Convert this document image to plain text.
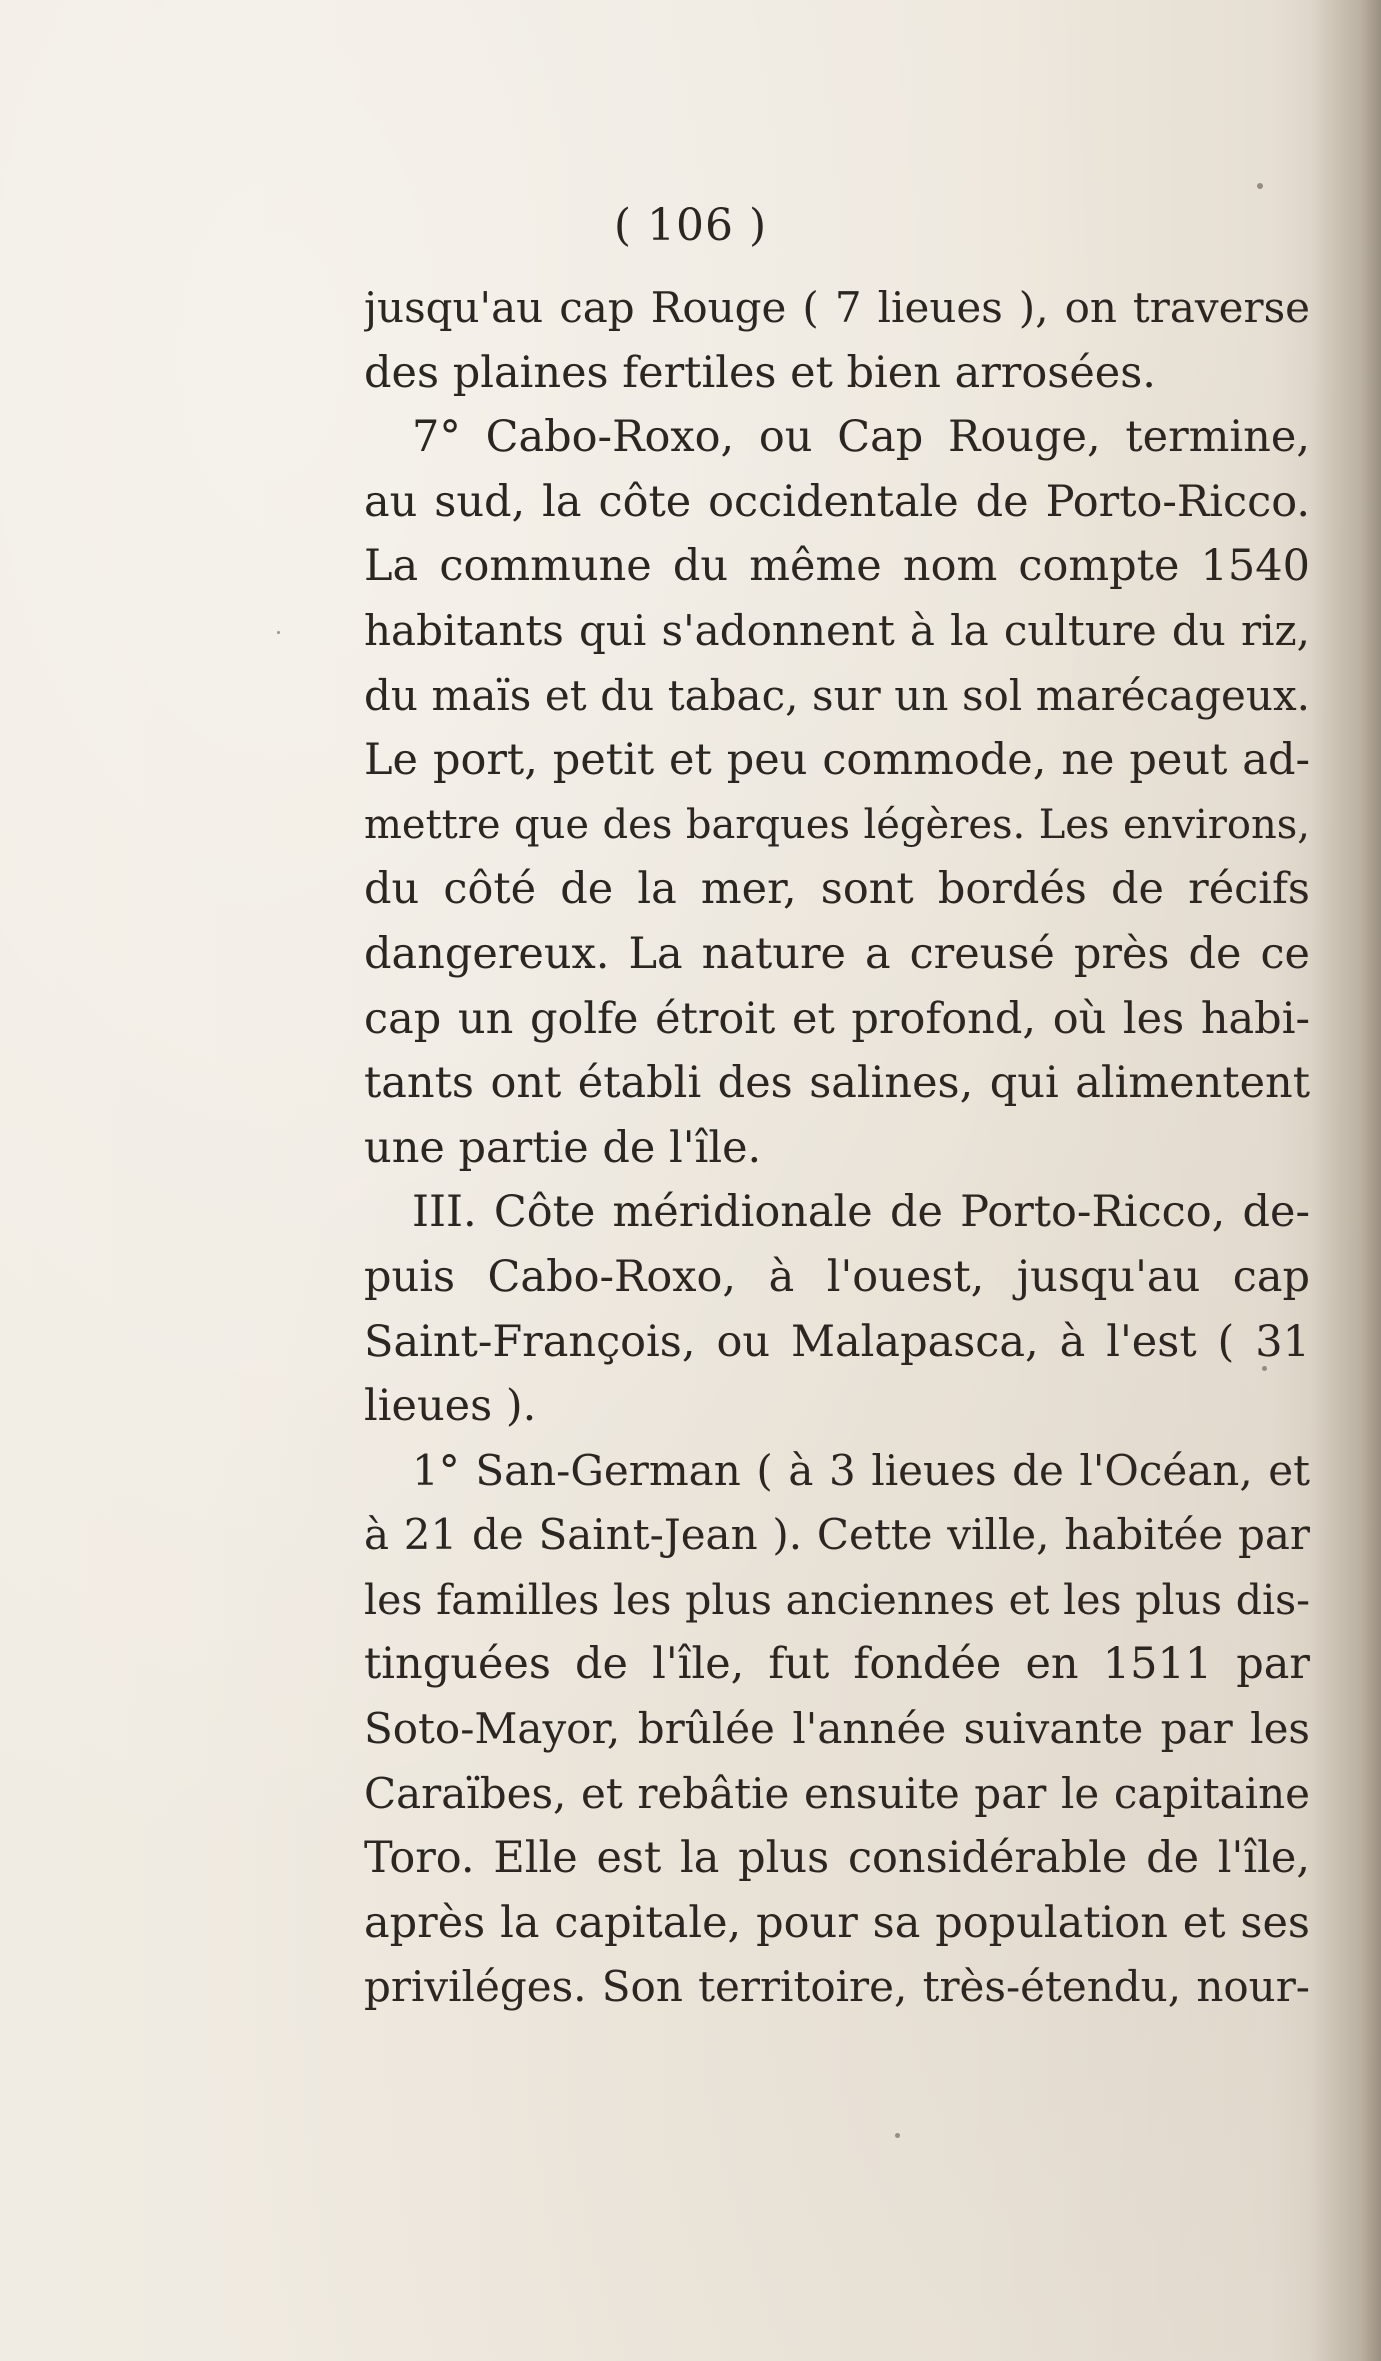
( 106 )
jusqu'au cap Rouge ( 7 lieues ), on traverse
des plaines fertiles et bien arrosées.
7° Cabo-Roxo, ou Cap Rouge, termine,
au sud, la côte occidentale de Porto-Ricco.
La commune du même nom compte 1540
habitants qui s'adonnent à la culture du riz,
du maïs et du tabac, sur un sol marécageux.
Le port, petit et peu commode, ne peut ad-
mettre que des barques légères. Les environs,
du côté de la mer, sont bordés de récifs
dangereux. La nature a creusé près de ce
cap un golfe étroit et profond, où les habi-
tants ont établi des salines, qui alimentent
une partie de l'île.
III. Côte méridionale de Porto-Ricco, de-
puis Cabo-Roxo, à l'ouest, jusqu'au cap
Saint-François, ou Malapasca, à l'est ( 31
lieues ).
1° San-German ( à 3 lieues de l'Océan, et
à 21 de Saint-Jean ). Cette ville, habitée par
les familles les plus anciennes et les plus dis-
tinguées de l'île, fut fondée en 1511 par
Soto-Mayor, brûlée l'année suivante par les
Caraïbes, et rebâtie ensuite par le capitaine
Toro. Elle est la plus considérable de l'île,
après la capitale, pour sa population et ses
priviléges. Son territoire, très-étendu, nour-
